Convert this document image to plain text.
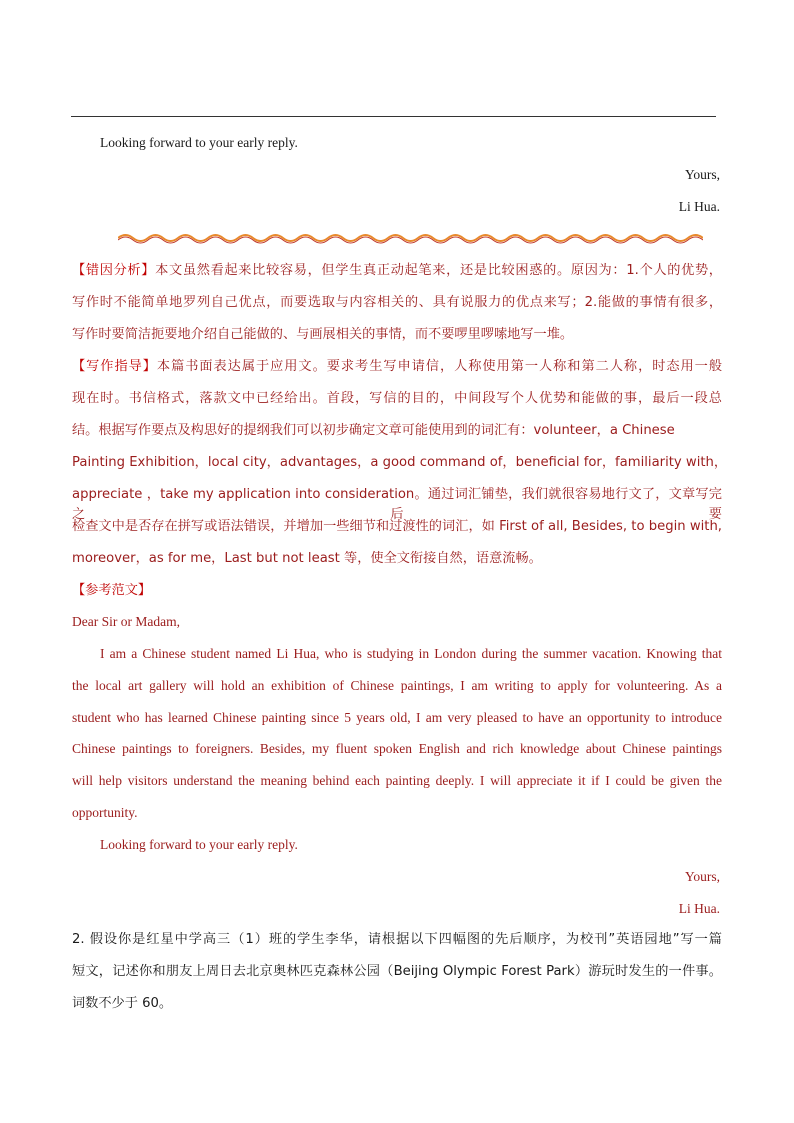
Looking forward to your early reply.
Yours,
Li Hua.
【错因分析】本文虽然看起来比较容易，但学生真正动起笔来，还是比较困惑的。原因为：1.个人的优势，
写作时不能简单地罗列自己优点，而要选取与内容相关的、具有说服力的优点来写；2.能做的事情有很多，
写作时要简洁扼要地介绍自己能做的、与画展相关的事情，而不要啰里啰嗦地写一堆。
【写作指导】本篇书面表达属于应用文。要求考生写申请信，人称使用第一人称和第二人称，时态用一般
现在时。书信格式，落款文中已经给出。首段，写信的目的，中间段写个人优势和能做的事，最后一段总
结。根据写作要点及构思好的提纲我们可以初步确定文章可能使用到的词汇有：volunteer，a Chinese
Painting Exhibition，local city，advantages，a good command of，beneficial for，familiarity with，
appreciate ，take my application into consideration。通过词汇铺垫，我们就很容易地行文了，文章写完之后要
检查文中是否存在拼写或语法错误，并增加一些细节和过渡性的词汇，如 First of all, Besides, to begin with,
moreover，as for me，Last but not least 等，使全文衔接自然，语意流畅。
【参考范文】
Dear Sir or Madam,
I am a Chinese student named Li Hua, who is studying in London during the summer vacation. Knowing that
the local art gallery will hold an exhibition of Chinese paintings, I am writing to apply for volunteering. As a
student who has learned Chinese painting since 5 years old, I am very pleased to have an opportunity to introduce
Chinese paintings to foreigners. Besides, my fluent spoken English and rich knowledge about Chinese paintings
will help visitors understand the meaning behind each painting deeply. I will appreciate it if I could be given the
opportunity.
Looking forward to your early reply.
Yours,
Li Hua.
2. 假设你是红星中学高三（1）班的学生李华，请根据以下四幅图的先后顺序，为校刊”英语园地”写一篇
短文，记述你和朋友上周日去北京奥林匹克森林公园（Beijing Olympic Forest Park）游玩时发生的一件事。
词数不少于 60。
